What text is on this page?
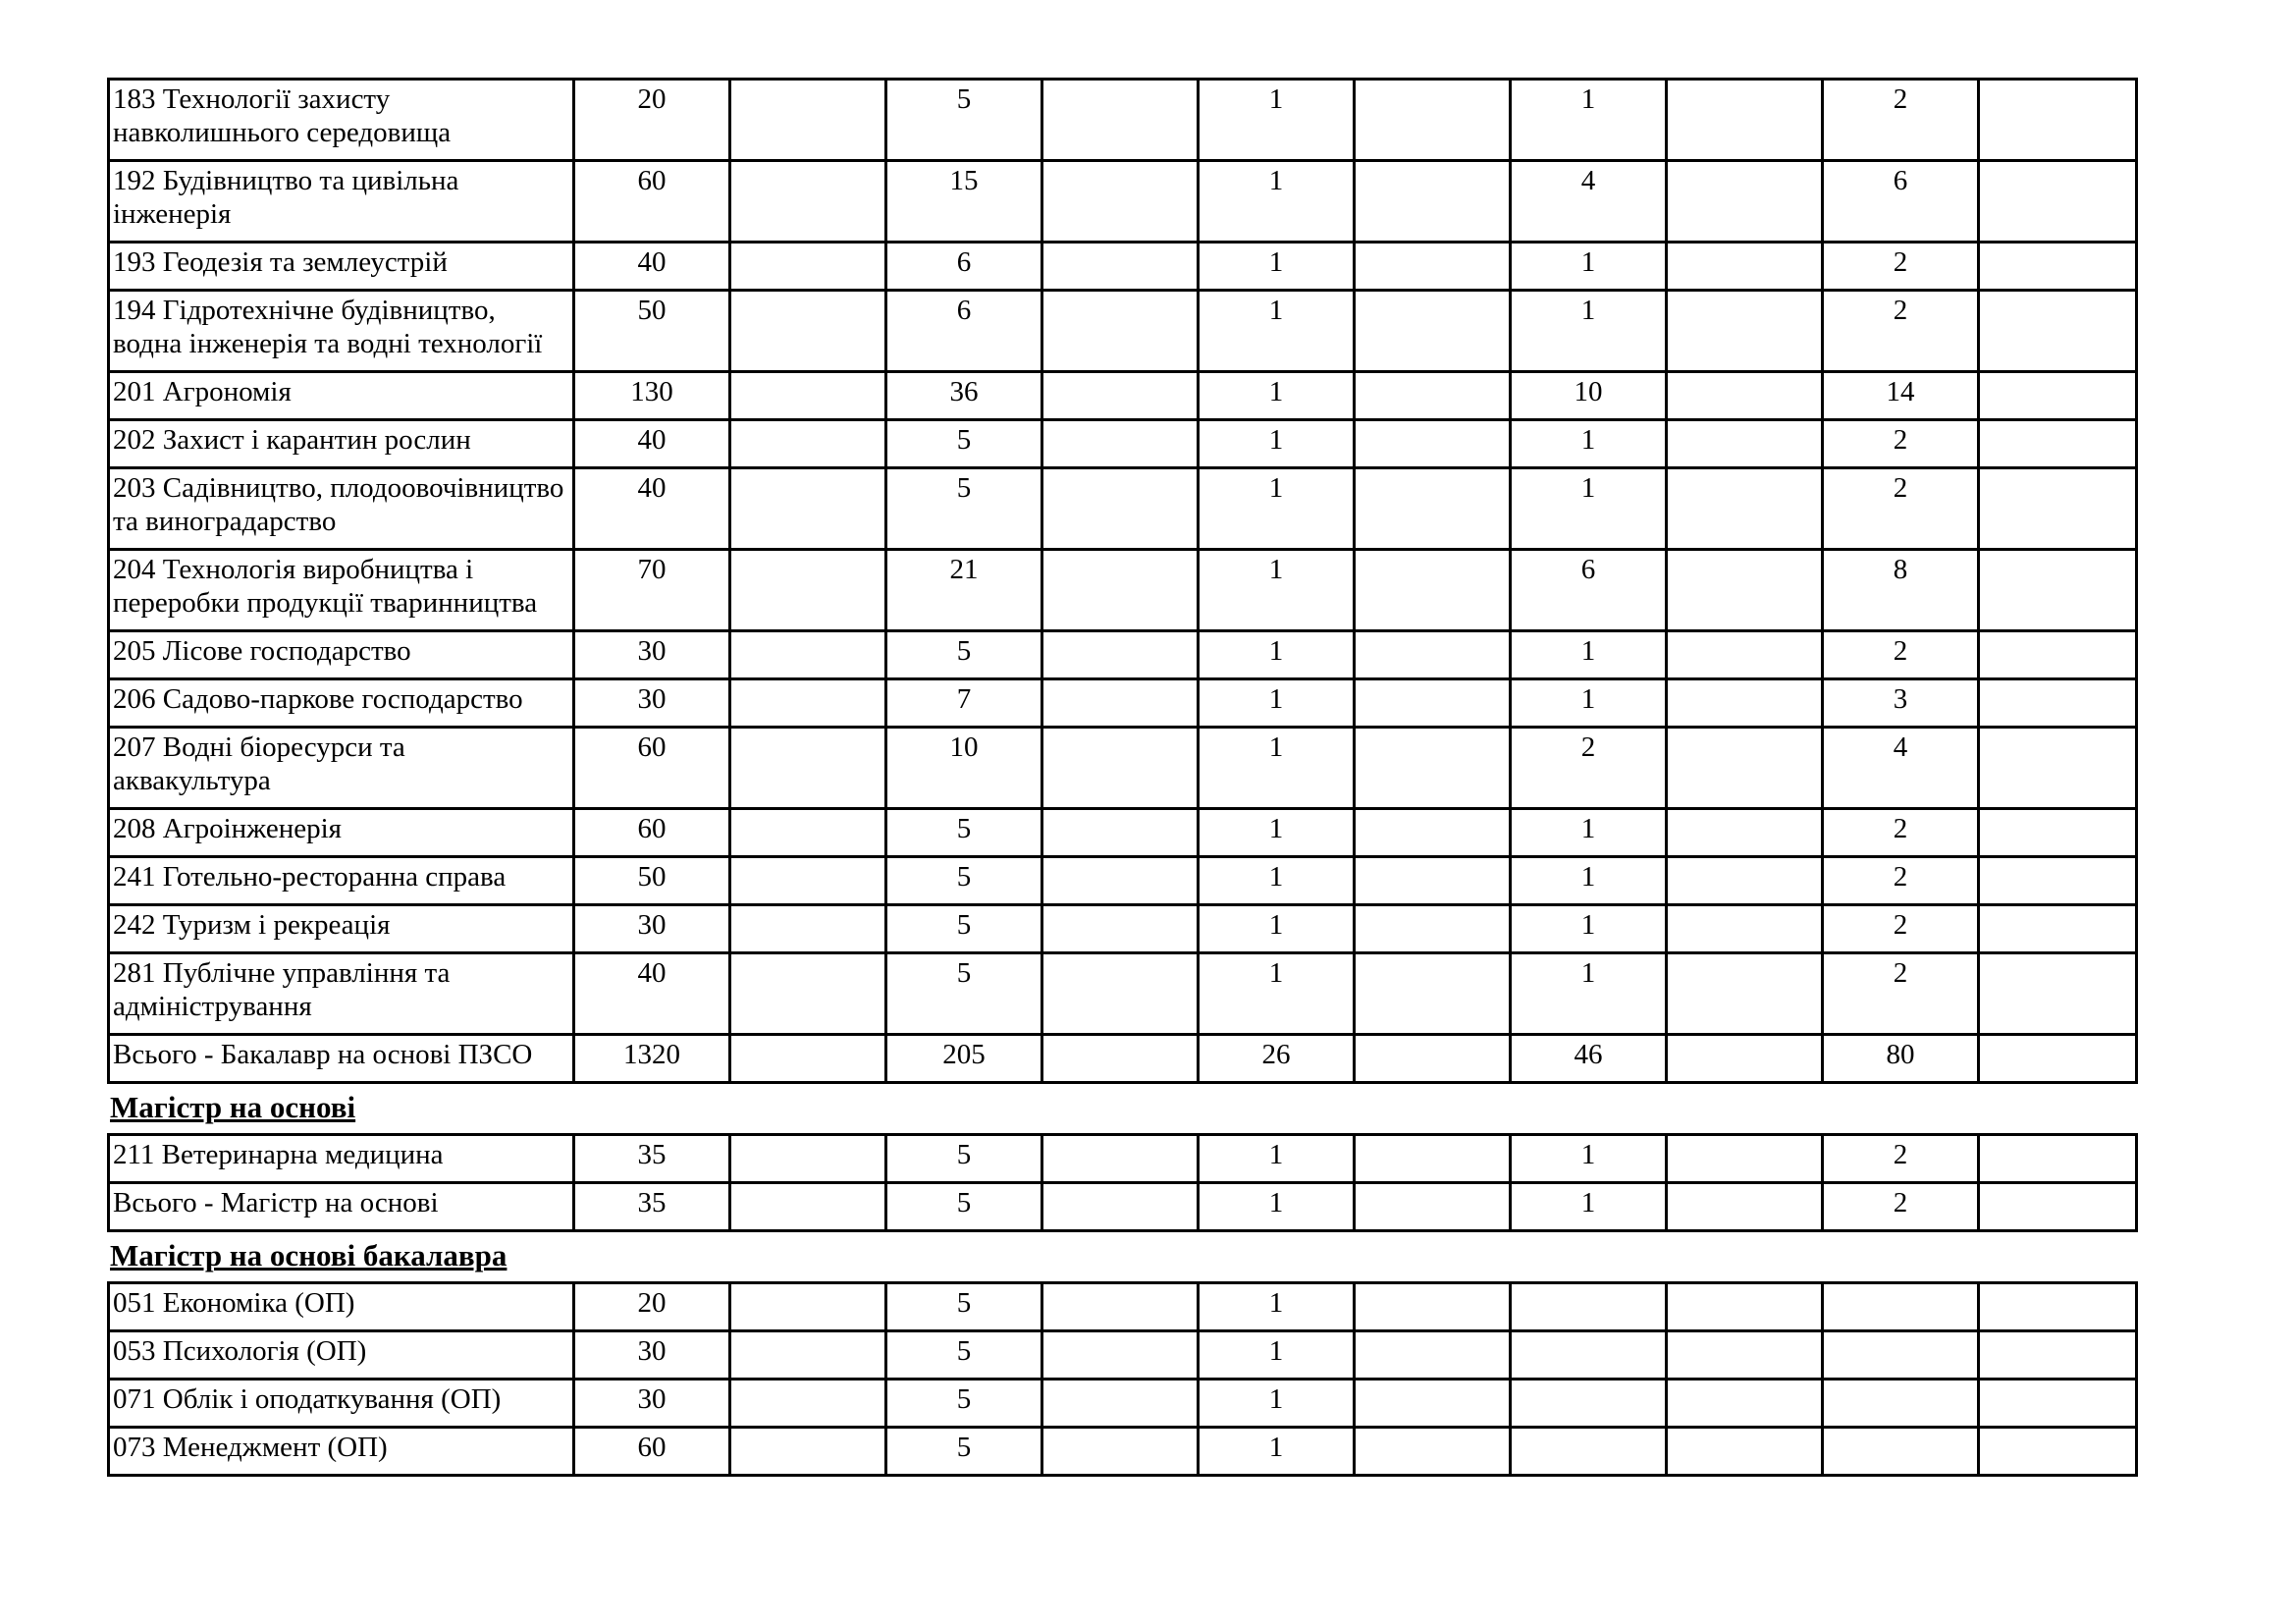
183 Технології захисту навколишнього середовища	20		5		1		1		2	
192 Будівництво та цивільна інженерія	60		15		1		4		6	
193 Геодезія та землеустрій	40		6		1		1		2	
194 Гідротехнічне будівництво, водна інженерія та водні технології	50		6		1		1		2	
201 Агрономія	130		36		1		10		14	
202 Захист і карантин рослин	40		5		1		1		2	
203 Садівництво, плодоовочівництво та виноградарство	40		5		1		1		2	
204 Технологія виробництва і переробки продукції тваринництва	70		21		1		6		8	
205 Лісове господарство	30		5		1		1		2	
206 Садово-паркове господарство	30		7		1		1		3	
207 Водні біоресурси та аквакультура	60		10		1		2		4	
208 Агроінженерія	60		5		1		1		2	
241 Готельно-ресторанна справа	50		5		1		1		2	
242 Туризм і рекреація	30		5		1		1		2	
281 Публічне управління та адміністрування	40		5		1		1		2	
Всього - Бакалавр на основі ПЗСО	1320		205		26		46		80	
Магістр на основі
211 Ветеринарна медицина	35		5		1		1		2	
Всього - Магістр на основі	35		5		1		1		2	
Магістр на основі бакалавра
051 Економіка (ОП)	20		5		1					
053 Психологія (ОП)	30		5		1					
071 Облік і оподаткування (ОП)	30		5		1					
073 Менеджмент (ОП)	60		5		1					
